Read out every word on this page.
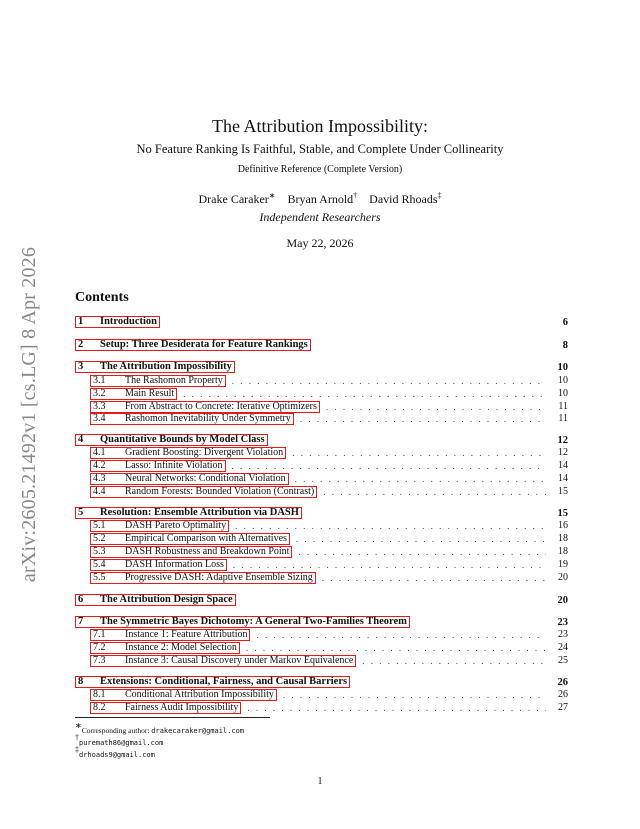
arXiv:2605.21492v1 [cs.LG] 8 Apr 2026
The Attribution Impossibility:
No Feature Ranking Is Faithful, Stable, and Complete Under Collinearity
Definitive Reference (Complete Version)
Drake Caraker∗ Bryan Arnold† David Rhoads‡
Independent Researchers
May 22, 2026
Contents
1	Introduction	6
2	Setup: Three Desiderata for Feature Rankings	8
3	The Attribution Impossibility	10
3.1	The Rashomon Property . . .	10
3.2	Main Result . . .	10
3.3	From Abstract to Concrete: Iterative Optimizers . . .	11
3.4	Rashomon Inevitability Under Symmetry . . .	11
4	Quantitative Bounds by Model Class	12
4.1	Gradient Boosting: Divergent Violation . . .	12
4.2	Lasso: Infinite Violation . . .	14
4.3	Neural Networks: Conditional Violation . . .	14
4.4	Random Forests: Bounded Violation (Contrast) . . .	15
5	Resolution: Ensemble Attribution via DASH	15
5.1	DASH Pareto Optimality . . .	16
5.2	Empirical Comparison with Alternatives . . .	18
5.3	DASH Robustness and Breakdown Point . . .	18
5.4	DASH Information Loss . . .	19
5.5	Progressive DASH: Adaptive Ensemble Sizing . . .	20
6	The Attribution Design Space	20
7	The Symmetric Bayes Dichotomy: A General Two-Families Theorem	23
7.1	Instance 1: Feature Attribution . . .	23
7.2	Instance 2: Model Selection . . .	24
7.3	Instance 3: Causal Discovery under Markov Equivalence . . .	25
8	Extensions: Conditional, Fairness, and Causal Barriers	26
8.1	Conditional Attribution Impossibility . . .	26
8.2	Fairness Audit Impossibility . . .	27
∗Corresponding author: drakecaraker@gmail.com
†puremath86@gmail.com
‡drhoads9@gmail.com
1
